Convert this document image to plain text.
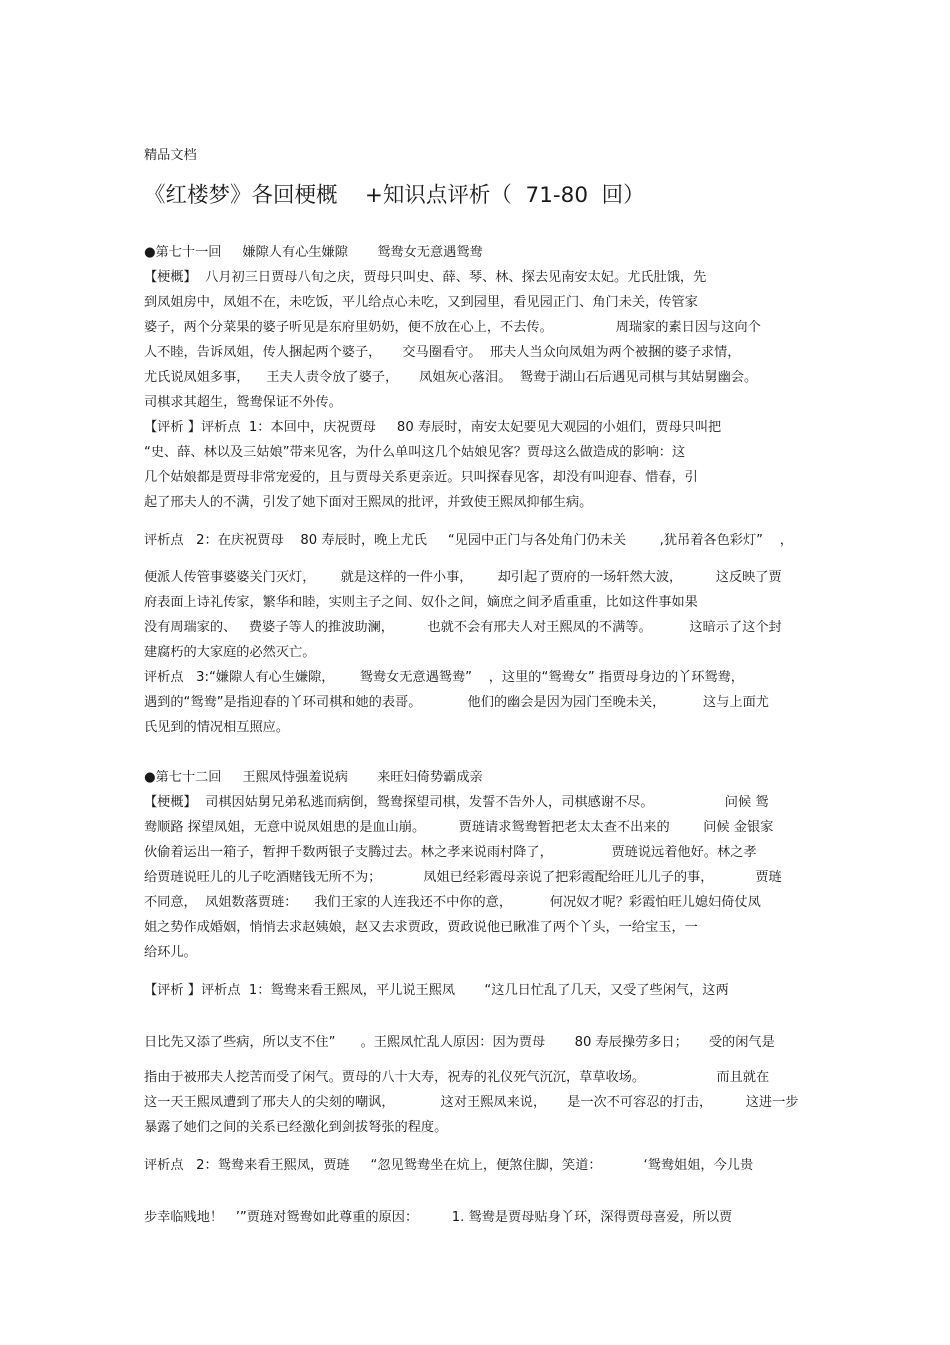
精品文档
《红楼梦》各回梗概    +知识点评析（  71-80  回）
●第七十一回     嫌隙人有心生嫌隙       鸳鸯女无意遇鸳鸯
【梗概】  八月初三日贾母八旬之庆，贾母只叫史、薛、琴、林、探去见南安太妃。尤氏肚饿，先
到凤姐房中，凤姐不在，未吃饭，平儿给点心未吃，又到园里，看见园正门、角门未关，传管家
婆子，两个分菜果的婆子听见是东府里奶奶，便不放在心上，不去传。               周瑞家的素日因与这向个
人不睦，告诉凤姐，传人捆起两个婆子，     交马圈看守。  邢夫人当众向凤姐为两个被捆的婆子求情，
尤氏说凤姐多事，    王夫人责令放了婆子，     凤姐灰心落泪。  鸳鸯于湖山石后遇见司棋与其姑舅幽会。
司棋求其超生，鸳鸯保证不外传。
【评析 】评析点  1：本回中，庆祝贾母     80 寿辰时，南安太妃要见大观园的小姐们，贾母只叫把
“史、薛、林以及三姑娘”带来见客，为什么单叫这几个姑娘见客？贾母这么做造成的影响：这
几个姑娘都是贾母非常宠爱的，且与贾母关系更亲近。只叫探春见客，却没有叫迎春、惜春，引
起了邢夫人的不满，引发了她下面对王熙凤的批评，并致使王熙凤抑郁生病。
评析点   2：在庆祝贾母    80 寿辰时，晚上尤氏     “见园中正门与各处角门仍未关        ,犹吊着各色彩灯”    ，
便派人传管事婆婆关门灭灯，      就是这样的一件小事，      却引起了贾府的一场轩然大波，        这反映了贾
府表面上诗礼传家，繁华和睦，实则主子之间、奴仆之间，嫡庶之间矛盾重重，比如这件事如果
没有周瑞家的、   费婆子等人的推波助澜，        也就不会有邢夫人对王熙凤的不满等。         这暗示了这个封
建腐朽的大家庭的必然灭亡。
评析点   3:“嫌隙人有心生嫌隙，      鸳鸯女无意遇鸳鸯”    ，这里的“鸳鸯女” 指贾母身边的丫环鸳鸯，
遇到的“鸳鸯”是指迎春的丫环司棋和她的表哥。           他们的幽会是因为园门至晚未关，         这与上面尤
氏见到的情况相互照应。
●第七十二回     王熙凤恃强羞说病       来旺妇倚势霸成亲
【梗概】  司棋因姑舅兄弟私逃而病倒，鸳鸯探望司棋，发誓不告外人，司棋感谢不尽。                 问候 鸳
鸯顺路 探望凤姐，无意中说凤姐患的是血山崩。        贾琏请求鸳鸯暂把老太太查不出来的        问候 金银家
伙偷着运出一箱子，暂押千数两银子支腾过去。林之孝来说雨村降了，              贾琏说远着他好。林之孝
给贾琏说旺儿的儿子吃酒赌钱无所不为；          凤姐已经彩霞母亲说了把彩霞配给旺儿儿子的事，          贾琏
不同意，  凤姐数落贾琏：    我们王家的人连我还不中你的意，         何况奴才呢？彩霞怕旺儿媳妇倚仗凤
姐之势作成婚姻，悄悄去求赵姨娘，赵又去求贾政，贾政说他已瞅准了两个丫头，一给宝玉，一
给环儿。
【评析 】评析点  1：鸳鸯来看王熙凤，平儿说王熙凤       “这几日忙乱了几天，又受了些闲气，这两
日比先又添了些病，所以支不住”      。王熙凤忙乱人原因：因为贾母       80 寿辰操劳多日；     受的闲气是
指由于被邢夫人挖苦而受了闲气。贾母的八十大寿，祝寿的礼仪死气沉沉，草草收场。                 而且就在
这一天王熙凤遭到了邢夫人的尖刻的嘲讽，           这对王熙凤来说，     是一次不可容忍的打击，        这进一步
暴露了她们之间的关系已经激化到剑拔弩张的程度。
评析点   2：鸳鸯来看王熙凤，贾琏     “忽见鸳鸯坐在炕上，便煞住脚，笑道：          ‘鸳鸯姐姐，今儿贵
步幸临贱地！   ’”贾琏对鸳鸯如此尊重的原因：        1. 鸳鸯是贾母贴身丫环，深得贾母喜爱，所以贾
